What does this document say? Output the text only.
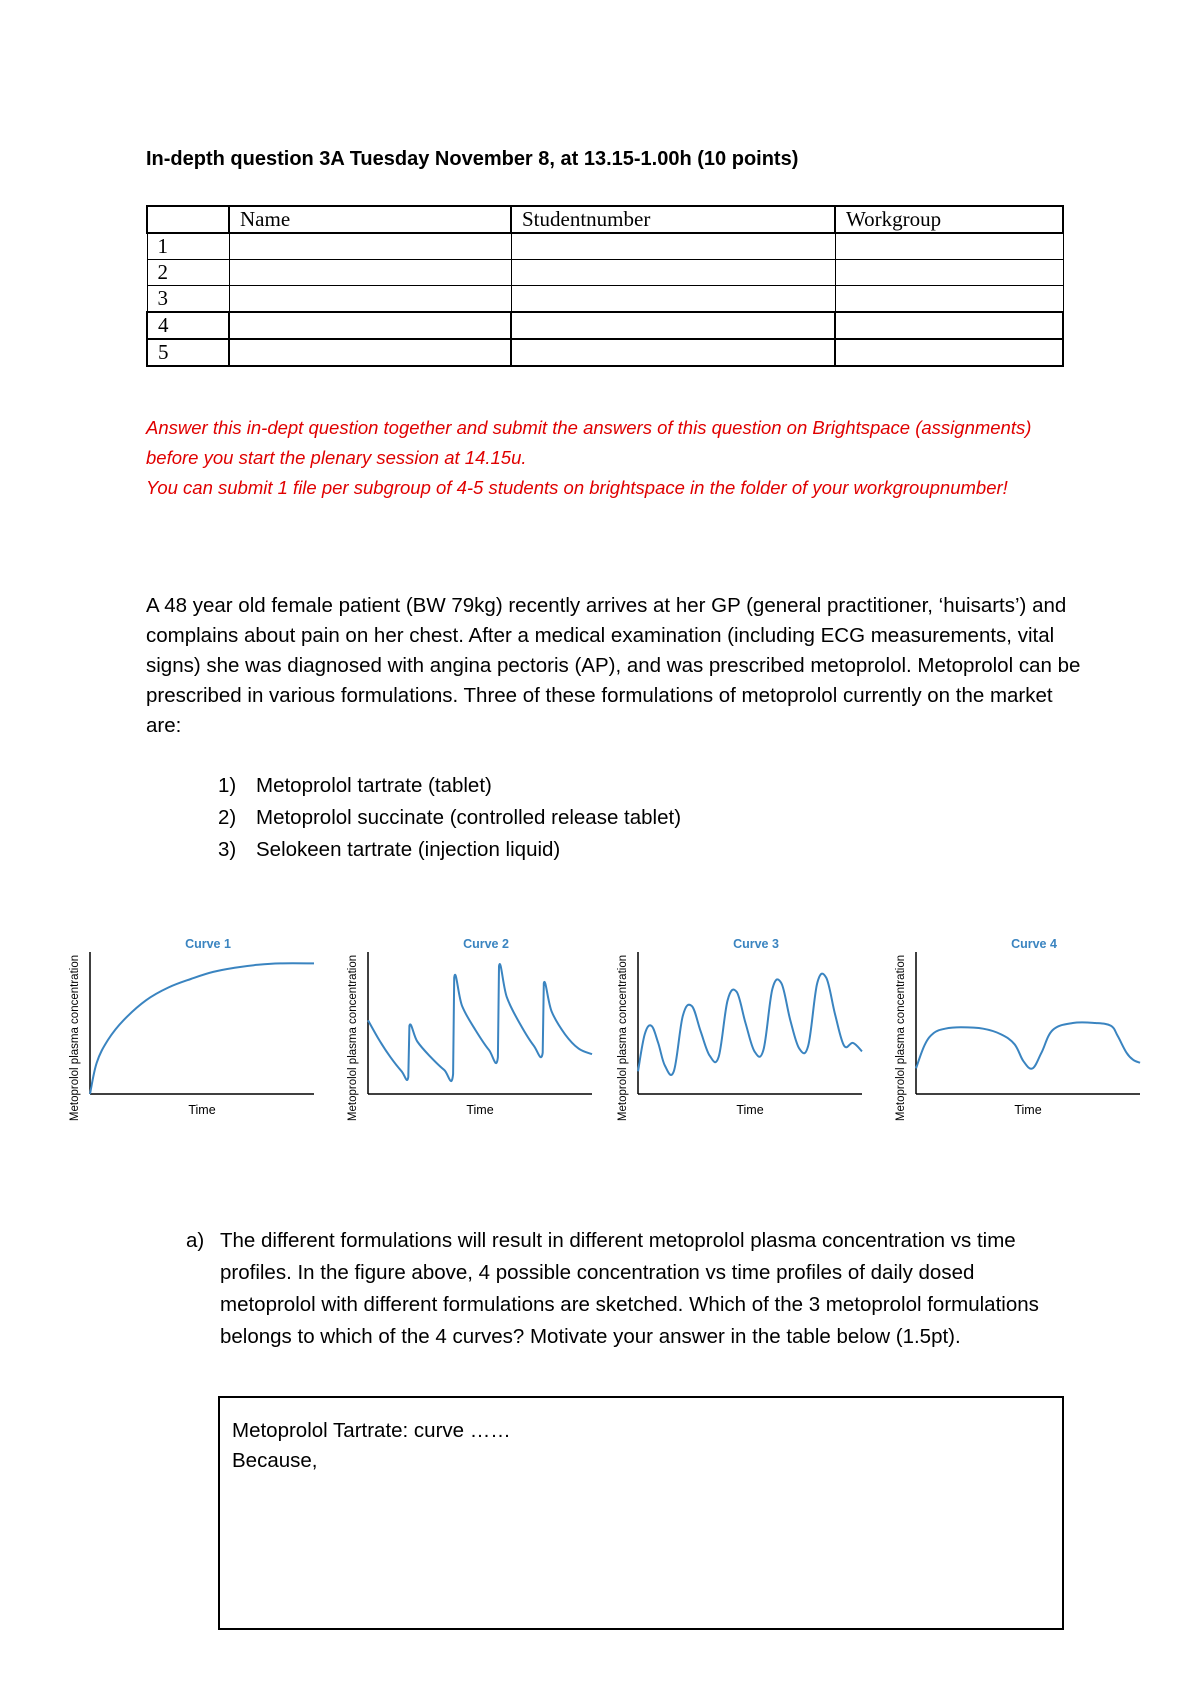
In-depth question 3A Tuesday November 8, at 13.15-1.00h (10 points)
	Name	Studentnumber	Workgroup
1			
2			
3			
4			
5			

Answer this in-dept question together and submit the answers of this question on Brightspace (assignments) before you start the plenary session at 14.15u.

You can submit 1 file per subgroup of 4-5 students on brightspace in the folder of your workgroupnumber!

A 48 year old female patient (BW 79kg) recently arrives at her GP (general practitioner, ‘huisarts’) and complains about pain on her chest. After a medical examination (including ECG measurements, vital signs) she was diagnosed with angina pectoris (AP), and was prescribed metoprolol. Metoprolol can be prescribed in various formulations. Three of these formulations of metoprolol currently on the market are:

1) Metoprolol tartrate (tablet)
2) Metoprolol succinate (controlled release tablet)
3) Selokeen tartrate (injection liquid)
Metoprolol plasma concentration
Curve 1
Time	Metoprolol plasma concentration
Curve 2
Time	Metoprolol plasma concentration
Curve 3
Time	Metoprolol plasma concentration
Curve 4
Time
a) The different formulations will result in different metoprolol plasma concentration vs time profiles. In the figure above, 4 possible concentration vs time profiles of daily dosed metoprolol with different formulations are sketched. Which of the 3 metoprolol formulations belongs to which of the 4 curves? Motivate your answer in the table below (1.5pt).
Metoprolol Tartrate: curve ……
Because,
